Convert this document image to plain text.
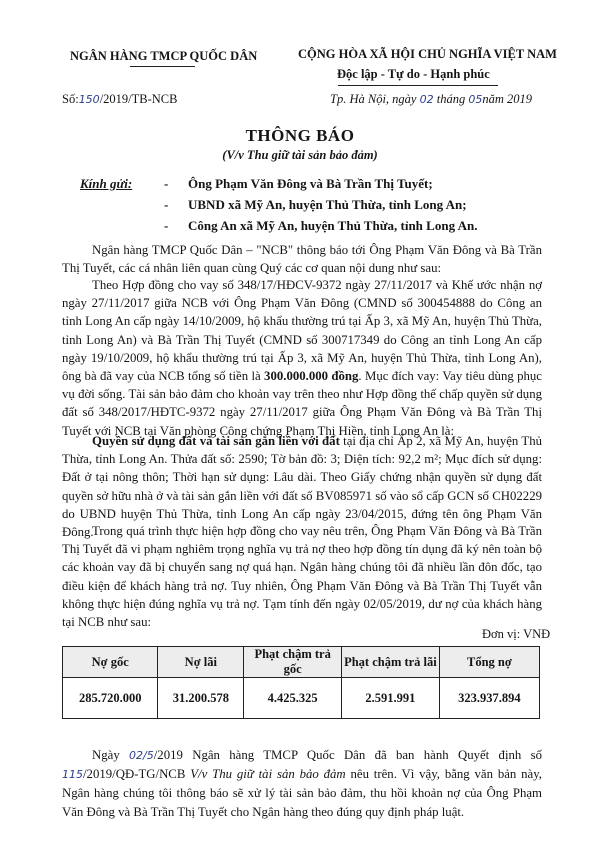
NGÂN HÀNG TMCP QUỐC DÂN	CỘNG HÒA XÃ HỘI CHỦ NGHĨA VIỆT NAM
Độc lập - Tự do - Hạnh phúc
Số:150/2019/TB-NCB	Tp. Hà Nội, ngày 02 tháng 05năm 2019
THÔNG BÁO
(V/v Thu giữ tài sản bảo đảm)
Kính gửi: - Ông Phạm Văn Đông và Bà Trần Thị Tuyết;
- UBND xã Mỹ An, huyện Thủ Thừa, tỉnh Long An;
- Công An xã Mỹ An, huyện Thủ Thừa, tỉnh Long An.
Ngân hàng TMCP Quốc Dân – "NCB" thông báo tới Ông Phạm Văn Đông và Bà Trần Thị Tuyết, các cá nhân liên quan cùng Quý các cơ quan nội dung như sau:
Theo Hợp đồng cho vay số 348/17/HĐCV-9372 ngày 27/11/2017 và Khế ước nhận nợ ngày 27/11/2017 giữa NCB với Ông Phạm Văn Đông (CMND số 300454888 do Công an tỉnh Long An cấp ngày 14/10/2009, hộ khẩu thường trú tại Ấp 3, xã Mỹ An, huyện Thủ Thừa, tỉnh Long An) và Bà Trần Thị Tuyết (CMND số 300717349 do Công an tỉnh Long An cấp ngày 19/10/2009, hộ khẩu thường trú tại Ấp 3, xã Mỹ An, huyện Thủ Thừa, tỉnh Long An), ông bà đã vay của NCB tổng số tiền là 300.000.000 đồng. Mục đích vay: Vay tiêu dùng phục vụ đời sống. Tài sản bảo đảm cho khoản vay trên theo như Hợp đồng thế chấp quyền sử dụng đất số 348/2017/HĐTC-9372 ngày 27/11/2017 giữa Ông Phạm Văn Đông và Bà Trần Thị Tuyết với NCB tại Văn phòng Công chứng Phạm Thị Hiền, tỉnh Long An là:
Quyền sử dụng đất và tài sản gắn liền với đất tại địa chỉ Ấp 2, xã Mỹ An, huyện Thủ Thừa, tỉnh Long An. Thửa đất số: 2590; Tờ bản đồ: 3; Diện tích: 92,2 m²; Mục đích sử dụng: Đất ở tại nông thôn; Thời hạn sử dụng: Lâu dài. Theo Giấy chứng nhận quyền sử dụng đất quyền sở hữu nhà ở và tài sản gắn liền với đất số BV085971 số vào sổ cấp GCN số CH02229 do UBND huyện Thủ Thừa, tỉnh Long An cấp ngày 23/04/2015, đứng tên ông Phạm Văn Đông.
Trong quá trình thực hiện hợp đồng cho vay nêu trên, Ông Phạm Văn Đông và Bà Trần Thị Tuyết đã vi phạm nghiêm trọng nghĩa vụ trả nợ theo hợp đồng tín dụng đã ký nên toàn bộ các khoản vay đã bị chuyển sang nợ quá hạn. Ngân hàng chúng tôi đã nhiều lần đôn đốc, tạo điều kiện để khách hàng trả nợ. Tuy nhiên, Ông Phạm Văn Đông và Bà Trần Thị Tuyết vẫn không thực hiện đúng nghĩa vụ trả nợ. Tạm tính đến ngày 02/05/2019, dư nợ của khách hàng tại NCB như sau:
Đơn vị: VNĐ
Nợ gốc	Nợ lãi	Phạt chậm trả gốc	Phạt chậm trả lãi	Tổng nợ
285.720.000	31.200.578	4.425.325	2.591.991	323.937.894
Ngày 02/5/2019 Ngân hàng TMCP Quốc Dân đã ban hành Quyết định số 115/2019/QĐ-TG/NCB V/v Thu giữ tài sản bảo đảm nêu trên. Vì vậy, bằng văn bản này, Ngân hàng chúng tôi thông báo sẽ xử lý tài sản bảo đảm, thu hồi khoản nợ của Ông Phạm Văn Đông và Bà Trần Thị Tuyết cho Ngân hàng theo đúng quy định pháp luật.
